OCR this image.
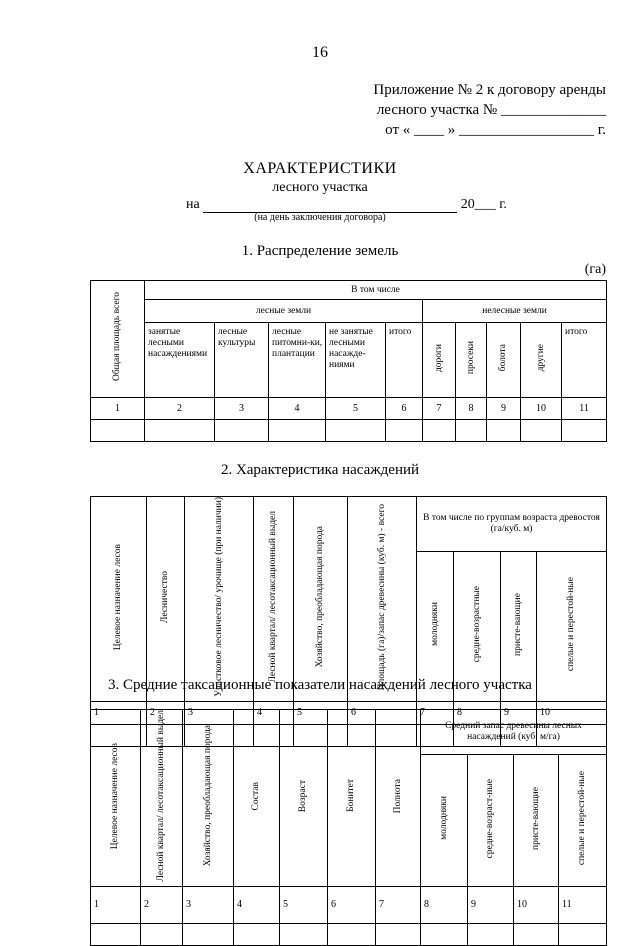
16
Приложение № 2 к договору аренды
лесного участка № ______________
от « ____ » __________________ г.
ХАРАКТЕРИСТИКИ
лесного участка
на	20___ г.
(на день заключения договора)
1. Распределение земель
(га)
Общая площадь всего	В том числе									
	лесные земли					нелесные земли				
	занятые лесными насаждениями	лесные культуры	лесные питомни-ки, плантации	не занятые лесными насажде-ниями	итого	дороги	просеки	болота	другие	итого
1	2	3	4	5	6	7	8	9	10	11

2. Характеристика насаждений
Целевое назначение лесов	Лесничество	Участковое лесничество/ урочище (при наличии)	Лесной квартал/ лесотаксационный выдел	Хозяйство, преобладающая порода	Площадь (га)/запас древесины (куб. м) - всего	В том числе по группам возраста древостоя (га/куб. м)			
						молодняки	средне-возрастные	присте-вающие	спелые и перестой-ные
1	2	3	4	5	6	7	8	9	10

3. Средние таксационные показатели насаждений лесного участка
Целевое назначение лесов	Лесной квартал/ лесотаксационный выдел	Хозяйство, преобладающая порода	Состав	Возраст	Бонитет	Полнота	Средний запас древесины лесных насаждений (куб. м/га)			
							молодняки	средне-возраст-ные	присте-вающие	спелые и перестой-ные
1	2	3	4	5	6	7	8	9	10	11
